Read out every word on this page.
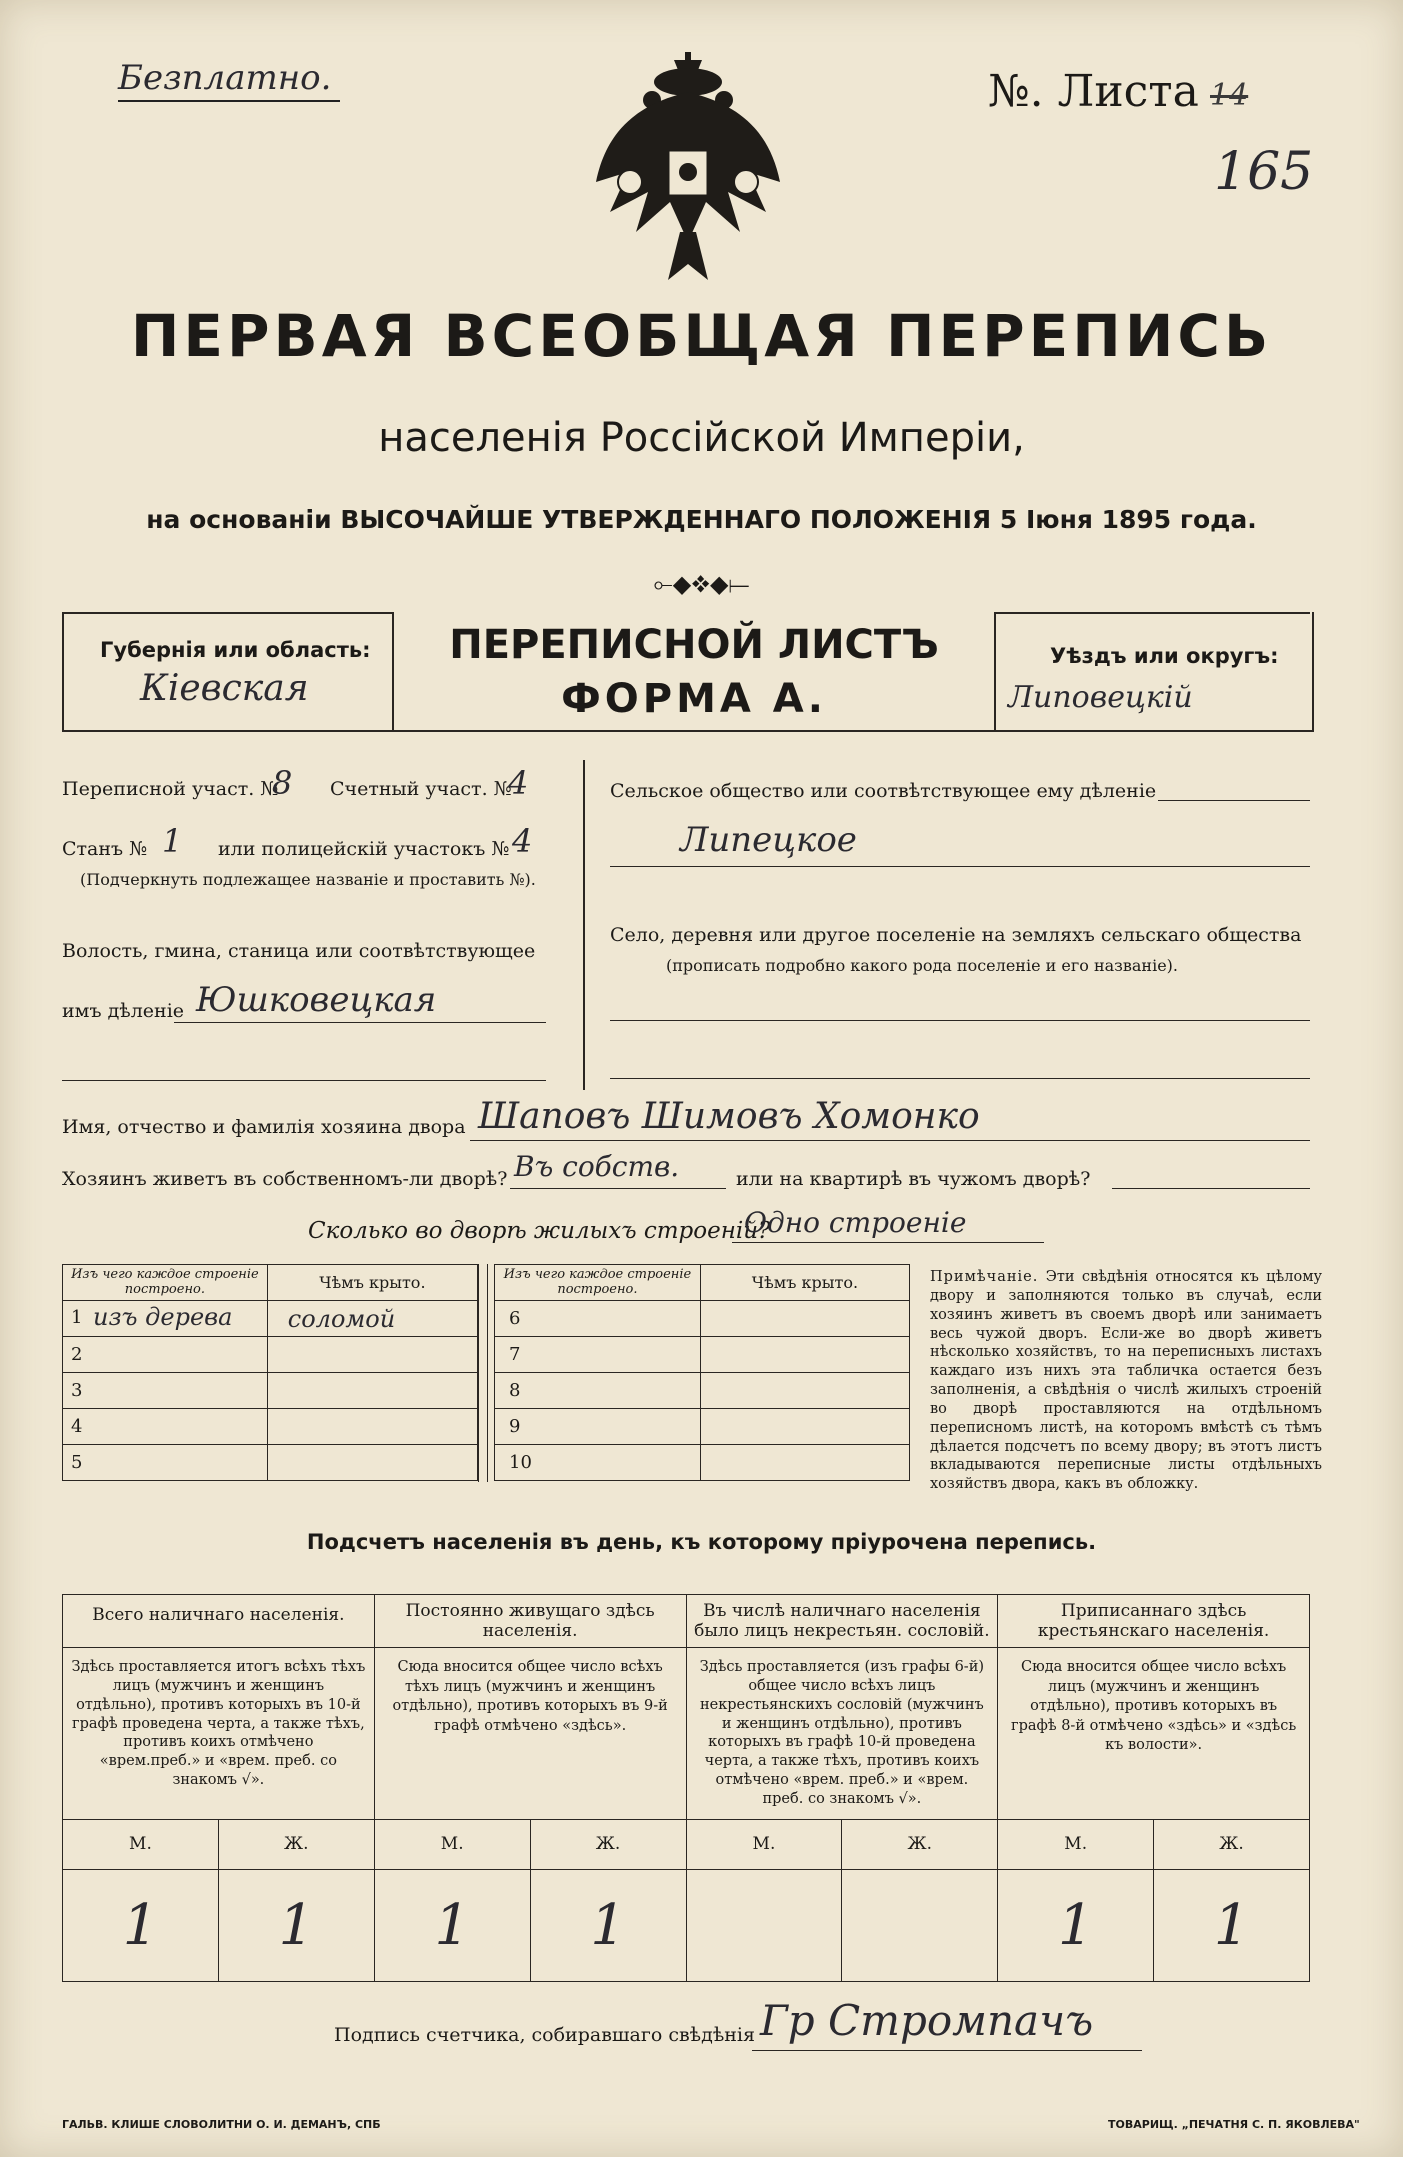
Безплатно.	№. Листа 14
165
ПЕРВАЯ ВСЕОБЩАЯ ПЕРЕПИСЬ
населенія Россійской Имперіи,
на основаніи ВЫСОЧАЙШЕ УТВЕРЖДЕННАГО ПОЛОЖЕНІЯ 5 Іюня 1895 года.
⟜◆❖◆⟝
Губернія или область:
Кіевская
Уѣздъ или округъ:
Липовецкій
ПЕРЕПИСНОЙ ЛИСТЪ
ФОРМА А.
Переписной участ. №
8 Счетный участ. №
4
Станъ № 1 или полицейскій участокъ № 4
(Подчеркнуть подлежащее названіе и проставить №).
Волость, гмина, станица или соотвѣтствующее
имъ дѣленіе Юшковецкая
Сельское общество или соотвѣтствующее ему дѣленіе
Липецкое
Село, деревня или другое поселеніе на земляхъ сельскаго общества
(прописать подробно какого рода поселеніе и его названіе).
Имя, отчество и фамилія хозяина двора Шаповъ Шимовъ Хомонко
Хозяинъ живетъ въ собственномъ-ли дворѣ? Въ собств.	или на квартирѣ въ чужомъ дворѣ?
Сколько во дворѣ жилыхъ строеній?
Одно строеніе
Изъ чего каждое строеніе построено.	Чѣмъ крыто.

1 изъ дерева	соломой
2	
3	
4	
5	
Изъ чего каждое строеніе построено.	Чѣмъ крыто.
6	
7	
8	
9	
10	
Примѣчаніе. Эти свѣдѣнія относятся къ цѣлому двору и заполняются только въ случаѣ, если хозяинъ живетъ въ своемъ дворѣ или занимаетъ весь чужой дворъ. Если-же во дворѣ живетъ нѣсколько хозяйствъ, то на переписныхъ листахъ каждаго изъ нихъ эта табличка остается безъ заполненія, а свѣдѣнія о числѣ жилыхъ строеній во дворѣ проставляются на отдѣльномъ переписномъ листѣ, на которомъ вмѣстѣ съ тѣмъ дѣлается подсчетъ по всему двору; въ этотъ листъ вкладываются переписные листы отдѣльныхъ хозяйствъ двора, какъ въ обложку.
Подсчетъ населенія въ день, къ которому пріурочена перепись.
Всего наличнаго населенія.		Постоянно живущаго здѣсь населенія.		Въ числѣ наличнаго населенія было лицъ некрестьян. сословій.		Приписаннаго здѣсь крестьянскаго населенія.	
Здѣсь проставляется итогъ всѣхъ тѣхъ лицъ (мужчинъ и женщинъ отдѣльно), противъ которыхъ въ 10-й графѣ проведена черта, а также тѣхъ, противъ коихъ отмѣчено «врем.преб.» и «врем. преб. со знакомъ √».		Сюда вносится общее число всѣхъ тѣхъ лицъ (мужчинъ и женщинъ отдѣльно), противъ которыхъ въ 9-й графѣ отмѣчено «здѣсь».		Здѣсь проставляется (изъ графы 6-й) общее число всѣхъ лицъ некрестьянскихъ сословій (мужчинъ и женщинъ отдѣльно), противъ которыхъ въ графѣ 10-й проведена черта, а также тѣхъ, противъ коихъ отмѣчено «врем. преб.» и «врем. преб. со знакомъ √».		Сюда вносится общее число всѣхъ лицъ (мужчинъ и женщинъ отдѣльно), противъ которыхъ въ графѣ 8-й отмѣчено «здѣсь» и «здѣсь къ волости».	
М.	Ж.	М.	Ж.	М.	Ж.	М.	Ж.
1	1	1	1			1	1
Подпись счетчика, собиравшаго свѣдѣнія Гр Стромпачъ
ГАЛЬВ. КЛИШЕ СЛОВОЛИТНИ О. И. ДЕМАНЪ, СПБ	ТОВАРИЩ. „ПЕЧАТНЯ С. П. ЯКОВЛЕВА"
